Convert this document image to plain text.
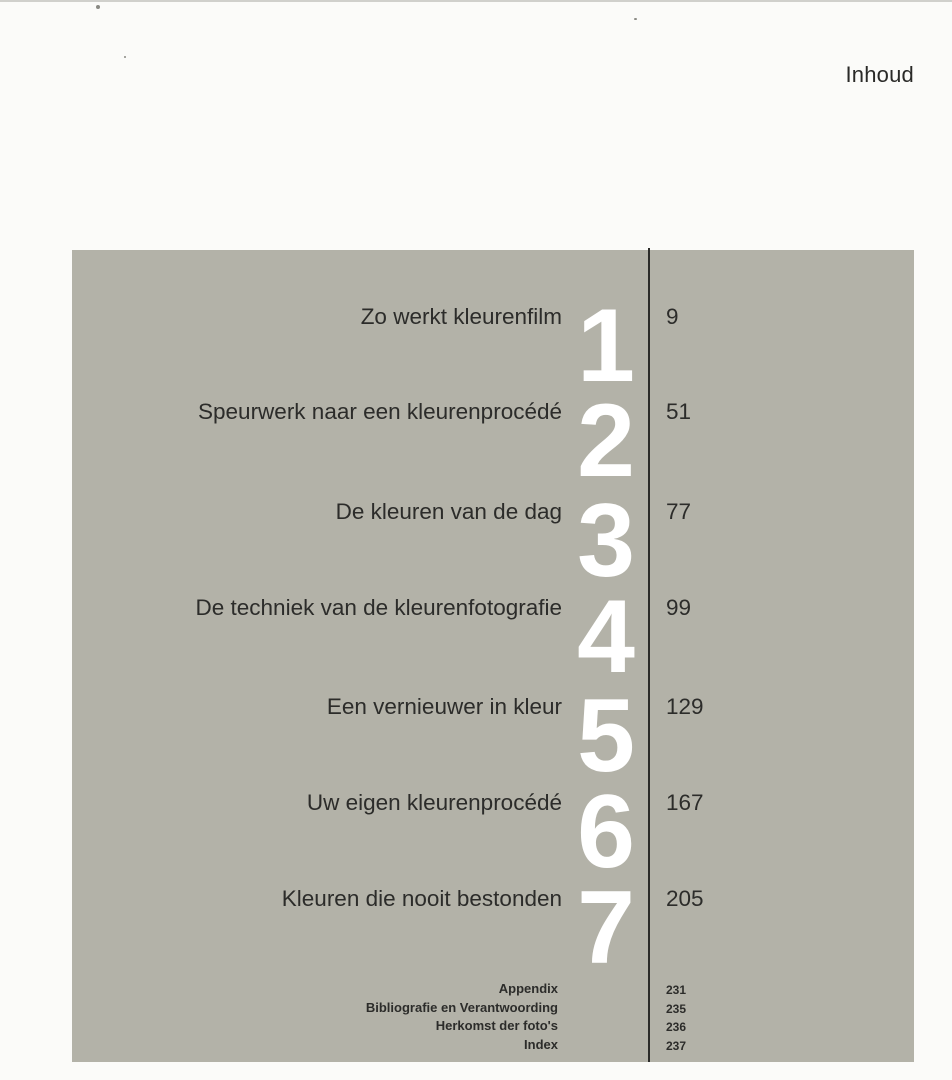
Inhoud
Zo werkt kleurenfilm 1	9
Speurwerk naar een kleurenprocédé 2	51
De kleuren van de dag 3	77
De techniek van de kleurenfotografie 4	99
Een vernieuwer in kleur 5	129
Uw eigen kleurenprocédé 6	167
Kleuren die nooit bestonden 7	205
Appendix	231
Bibliografie en Verantwoording	235
Herkomst der foto's	236
Index	237
